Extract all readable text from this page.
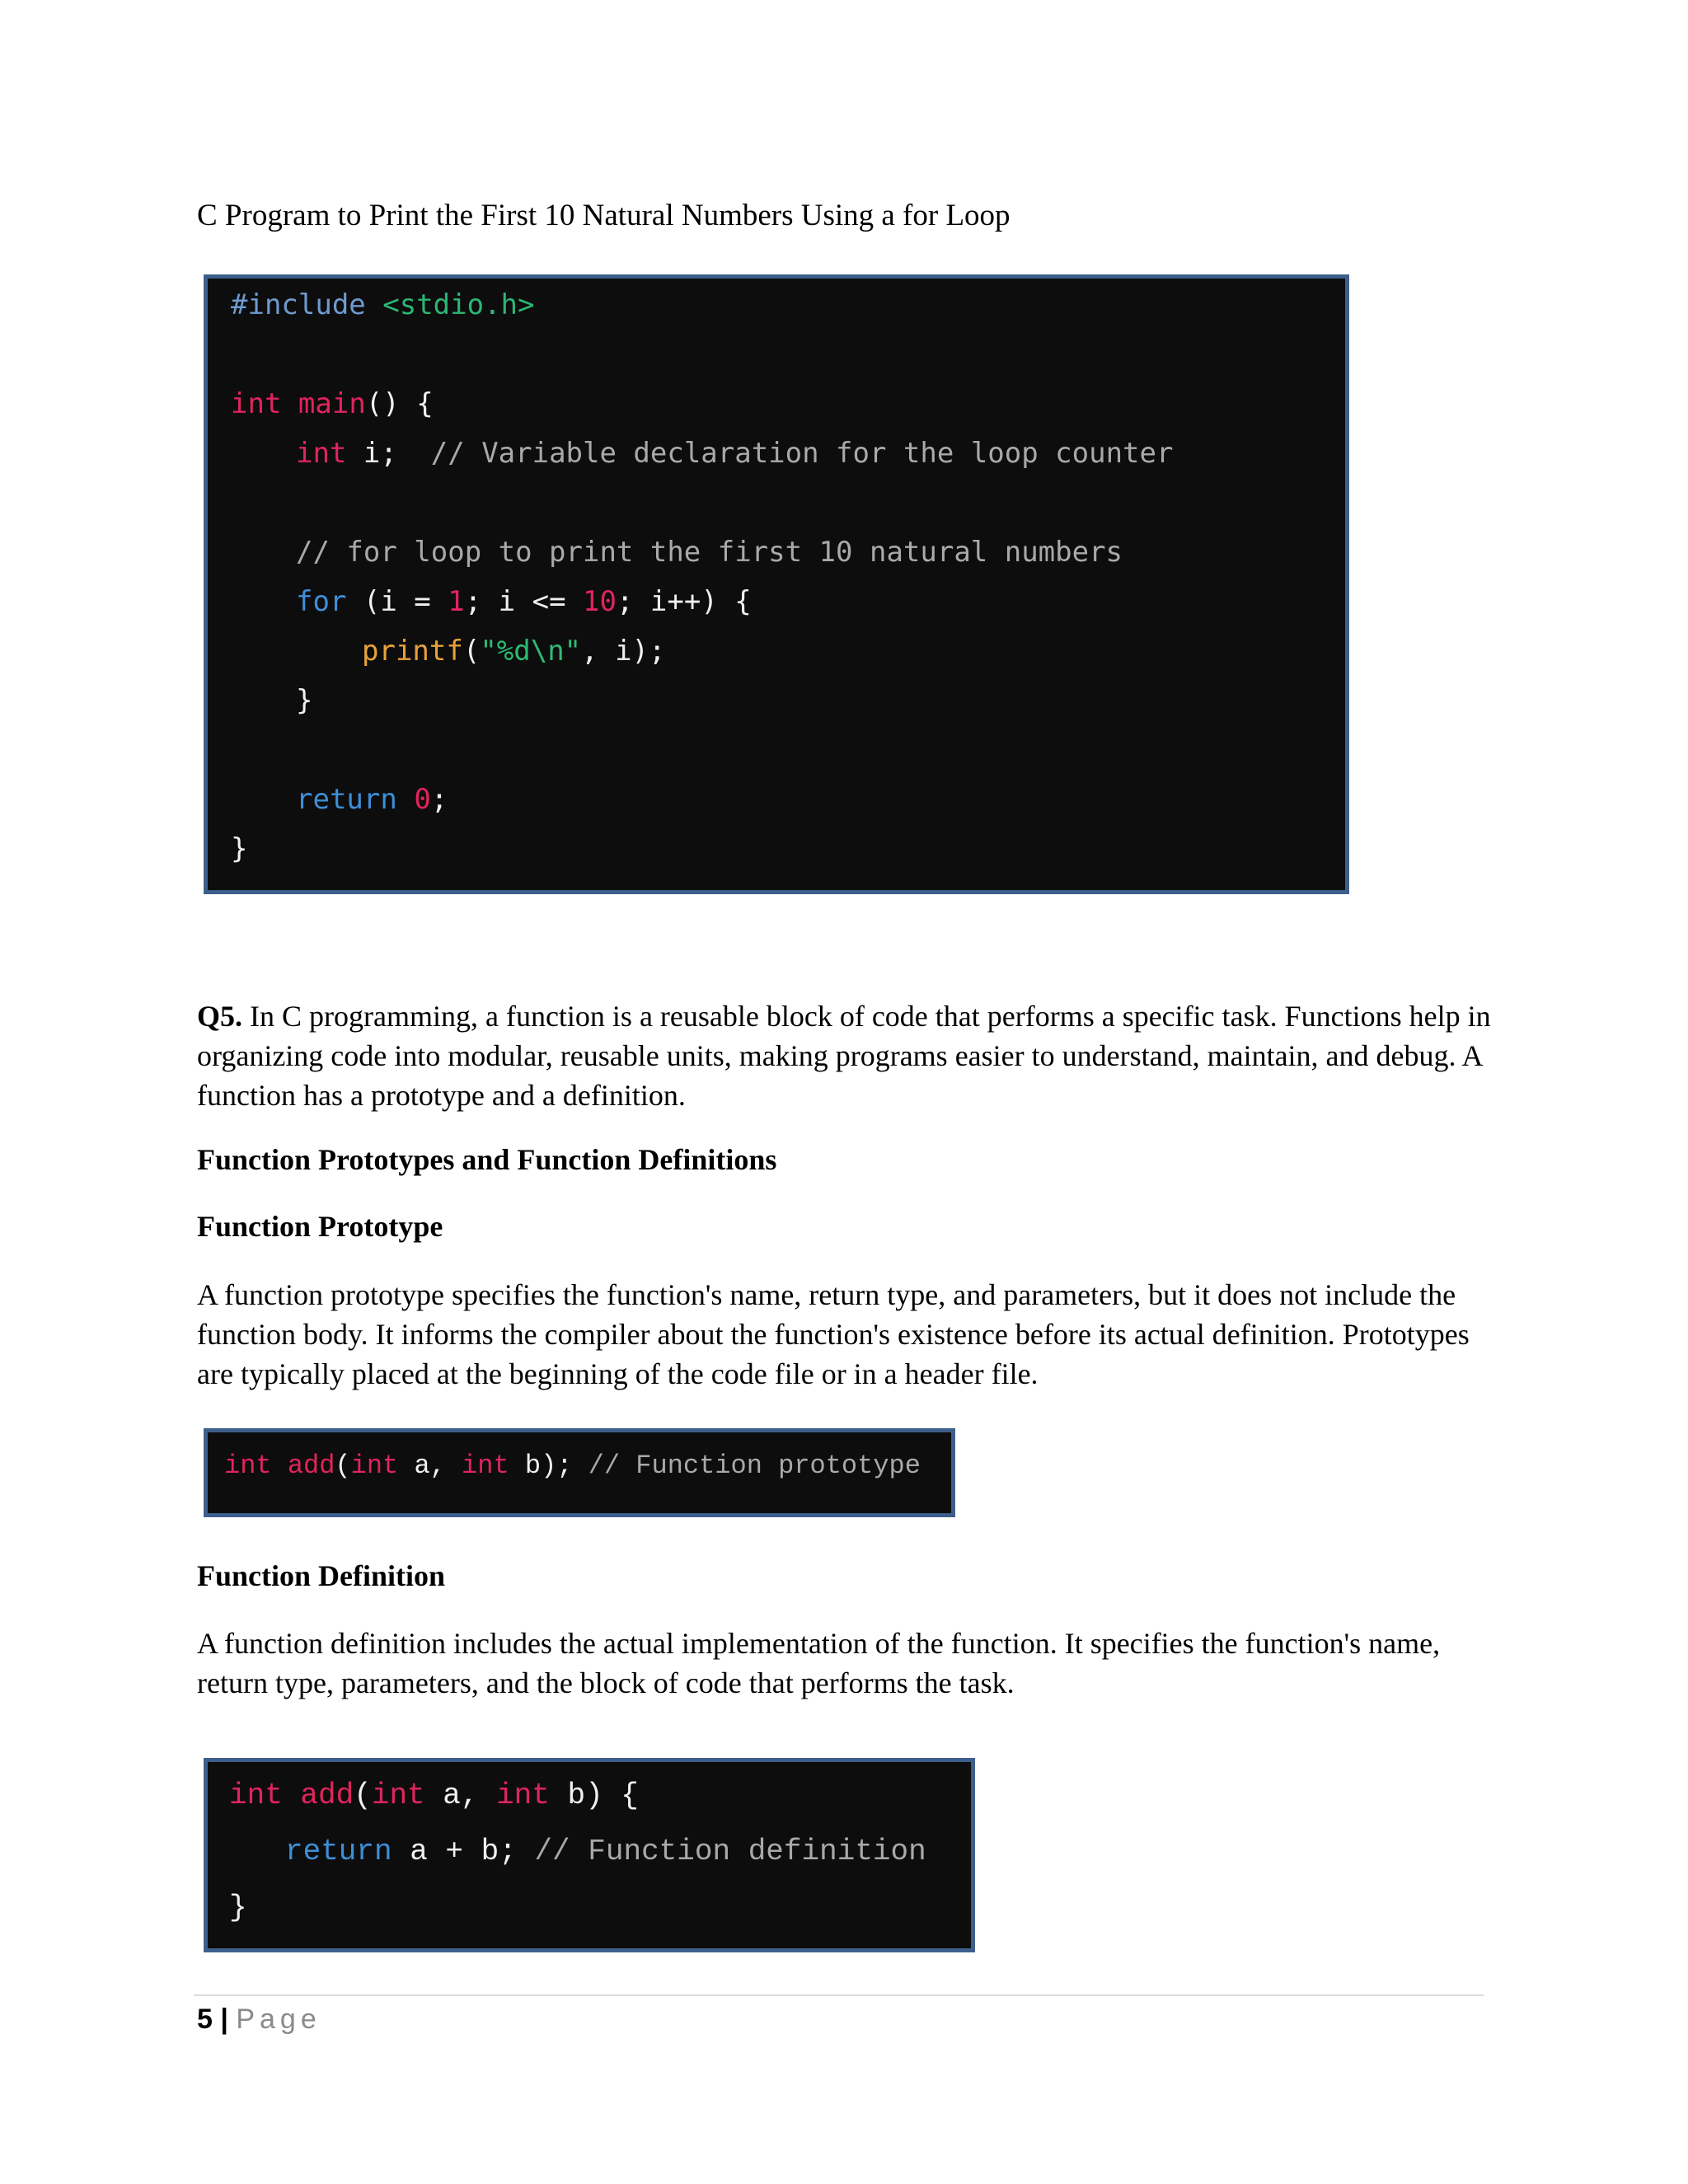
C Program to Print the First 10 Natural Numbers Using a for Loop

#include <stdio.h>

int main() {

int i;  // Variable declaration for the loop counter

// for loop to print the first 10 natural numbers

for (i = 1; i <= 10; i++) {

printf("%d\n", i);

}

return 0;

}

Q5. In C programming, a function is a reusable block of code that performs a specific task. Functions help in organizing code into modular, reusable units, making programs easier to understand, maintain, and debug. A function has a prototype and a definition.
Function Prototypes and Function Definitions
Function Prototype
A function prototype specifies the function's name, return type, and parameters, but it does not include the function body. It informs the compiler about the function's existence before its actual definition. Prototypes are typically placed at the beginning of the code file or in a header file.

int add(int a, int b); // Function prototype

Function Definition
A function definition includes the actual implementation of the function. It specifies the function's name, return type, parameters, and the block of code that performs the task.

int add(int a, int b) {

return a + b; // Function definition

}

5 | Page
